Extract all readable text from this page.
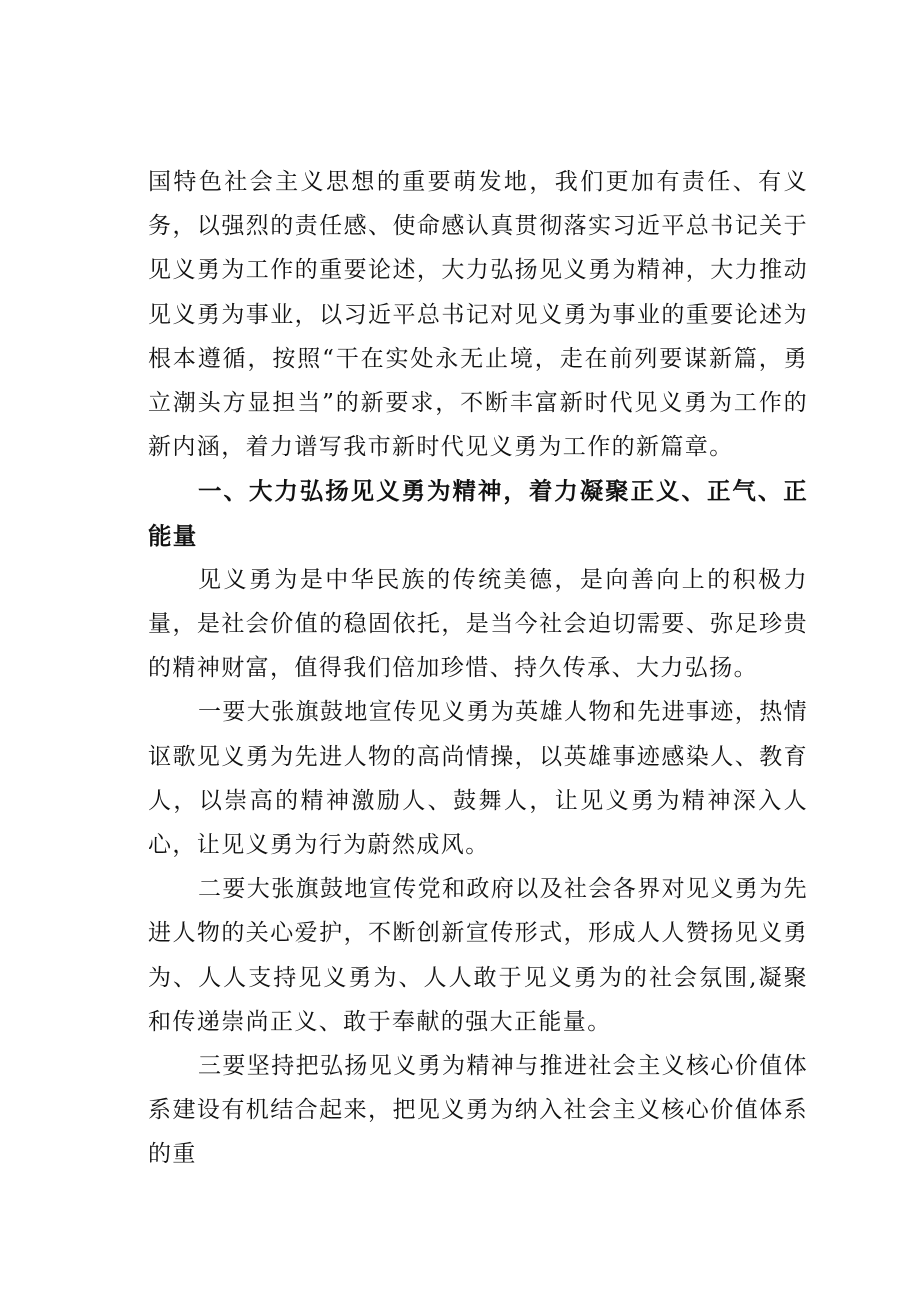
国特色社会主义思想的重要萌发地，我们更加有责任、有义务，以强烈的责任感、使命感认真贯彻落实习近平总书记关于见义勇为工作的重要论述，大力弘扬见义勇为精神，大力推动见义勇为事业，以习近平总书记对见义勇为事业的重要论述为根本遵循，按照“干在实处永无止境，走在前列要谋新篇，勇立潮头方显担当”的新要求，不断丰富新时代见义勇为工作的新内涵，着力谱写我市新时代见义勇为工作的新篇章。

一、大力弘扬见义勇为精神，着力凝聚正义、正气、正能量

见义勇为是中华民族的传统美德，是向善向上的积极力量，是社会价值的稳固依托，是当今社会迫切需要、弥足珍贵的精神财富，值得我们倍加珍惜、持久传承、大力弘扬。

一要大张旗鼓地宣传见义勇为英雄人物和先进事迹，热情讴歌见义勇为先进人物的高尚情操，以英雄事迹感染人、教育人，以崇高的精神激励人、鼓舞人，让见义勇为精神深入人心，让见义勇为行为蔚然成风。

二要大张旗鼓地宣传党和政府以及社会各界对见义勇为先进人物的关心爱护，不断创新宣传形式，形成人人赞扬见义勇为、人人支持见义勇为、人人敢于见义勇为的社会氛围,凝聚和传递崇尚正义、敢于奉献的强大正能量。

三要坚持把弘扬见义勇为精神与推进社会主义核心价值体系建设有机结合起来，把见义勇为纳入社会主义核心价值体系的重
